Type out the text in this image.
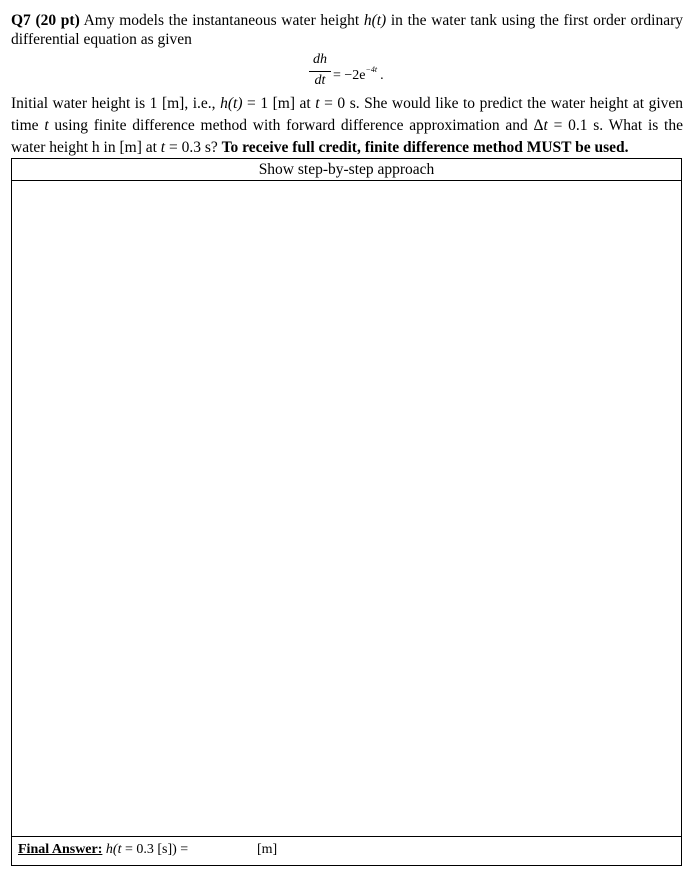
Q7 (20 pt) Amy models the instantaneous water height h(t) in the water tank using the first order ordinary
differential equation as given
dh
dt = $-2e^{-4t}$ .
Initial water height is 1 [m], i.e., h(t) = 1 [m] at t = 0 s. She would like to predict the water height at given
time t using finite difference method with forward difference approximation and Δt = 0.1 s. What is the
water height h in [m] at t = 0.3 s? To receive full credit, finite difference method MUST be used.
Show step-by-step approach
Final Answer: h(t = 0.3 [s]) =	[m]
